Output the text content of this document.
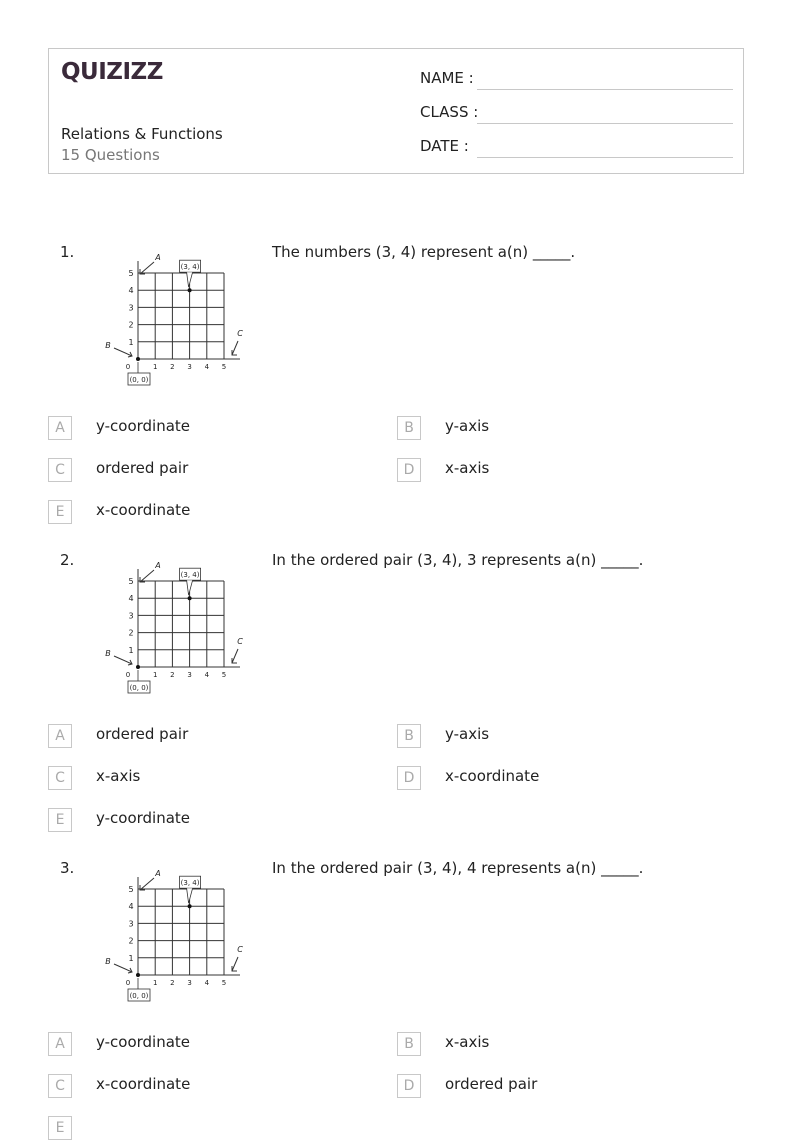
QUIZIZZ
Relations & Functions
15 Questions
NAME :
CLASS :
DATE :
1.
1
2
3
4
5
0	1 2 3 4 5
(3, 4)
(0, 0)
A
B
C
The numbers (3, 4) represent a(n) _____.
A	y-coordinate	B	y-axis
C	ordered pair	D	x-axis
E	x-coordinate
2.
1
2
3
4
5
0	1 2 3 4 5
(3, 4)
(0, 0)
A
B
C
In the ordered pair (3, 4), 3 represents a(n) _____.
A	ordered pair	B	y-axis
C	x-axis	D	x-coordinate
E	y-coordinate
3.
1
2
3
4
5
0	1 2 3 4 5
(3, 4)
(0, 0)
A
B
C
In the ordered pair (3, 4), 4 represents a(n) _____.
A	y-coordinate	B	x-axis
C	x-coordinate	D	ordered pair
E
